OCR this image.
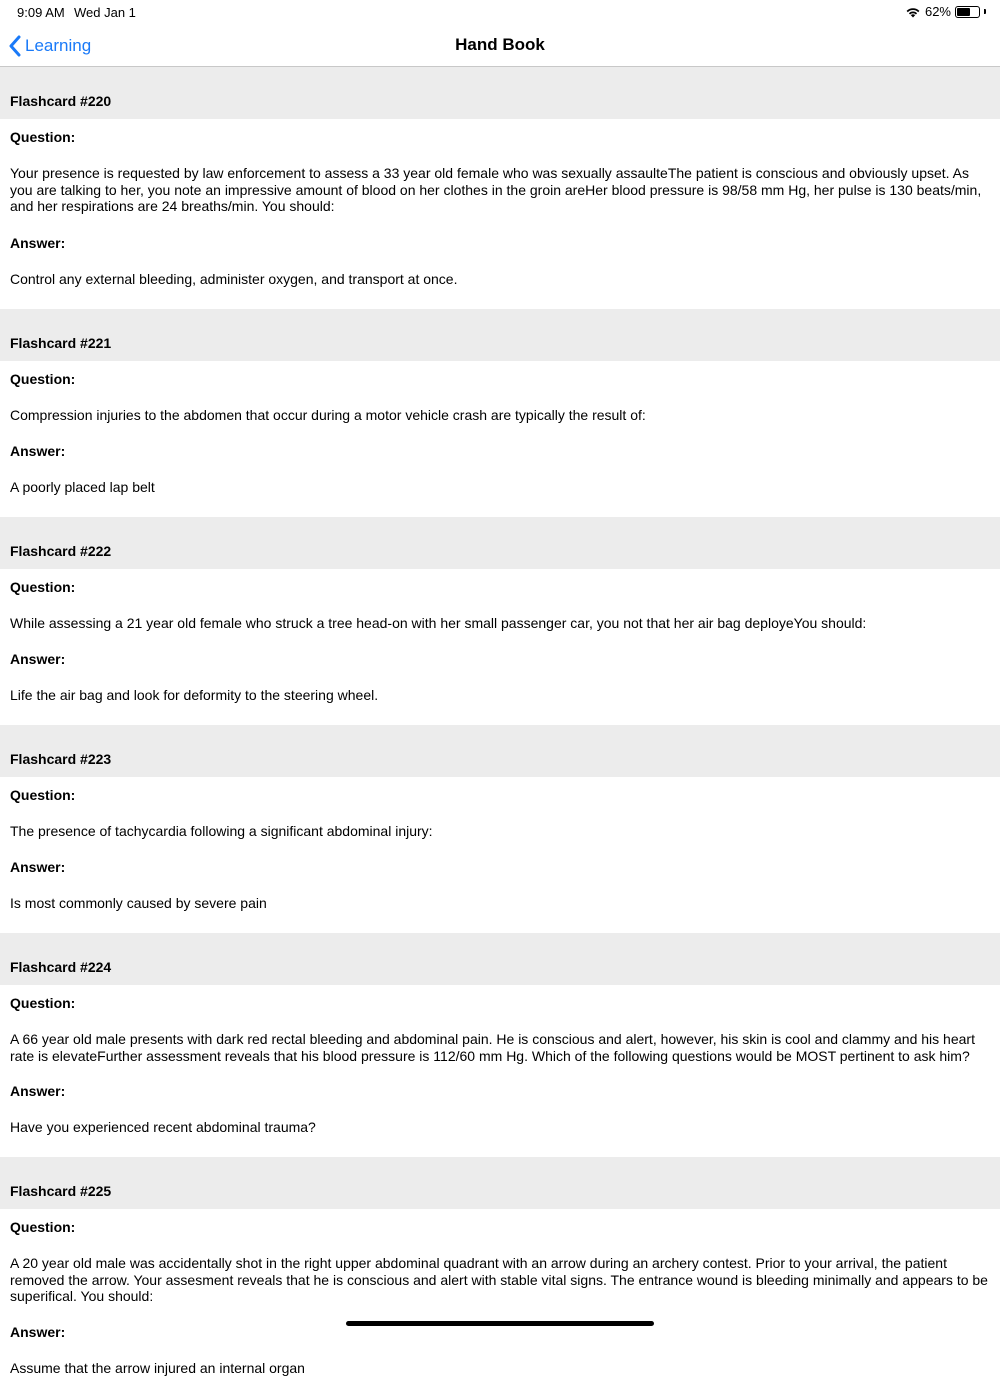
9:09 AM Wed Jan 1	62%
Learning	Hand Book
Flashcard #220
Question:
Your presence is requested by law enforcement to assess a 33 year old female who was sexually assaulteThe patient is conscious and obviously upset. As you are talking to her, you note an impressive amount of blood on her clothes in the groin areHer blood pressure is 98/58 mm Hg, her pulse is 130 beats/min, and her respirations are 24 breaths/min. You should:
Answer:
Control any external bleeding, administer oxygen, and transport at once.
Flashcard #221
Question:
Compression injuries to the abdomen that occur during a motor vehicle crash are typically the result of:
Answer:
A poorly placed lap belt
Flashcard #222
Question:
While assessing a 21 year old female who struck a tree head-on with her small passenger car, you not that her air bag deployeYou should:
Answer:
Life the air bag and look for deformity to the steering wheel.
Flashcard #223
Question:
The presence of tachycardia following a significant abdominal injury:
Answer:
Is most commonly caused by severe pain
Flashcard #224
Question:
A 66 year old male presents with dark red rectal bleeding and abdominal pain. He is conscious and alert, however, his skin is cool and clammy and his heart rate is elevateFurther assessment reveals that his blood pressure is 112/60 mm Hg. Which of the following questions would be MOST pertinent to ask him?
Answer:
Have you experienced recent abdominal trauma?
Flashcard #225
Question:
A 20 year old male was accidentally shot in the right upper abdominal quadrant with an arrow during an archery contest. Prior to your arrival, the patient removed the arrow. Your assesment reveals that he is conscious and alert with stable vital signs. The entrance wound is bleeding minimally and appears to be superifical. You should:
Answer:
Assume that the arrow injured an internal organ
